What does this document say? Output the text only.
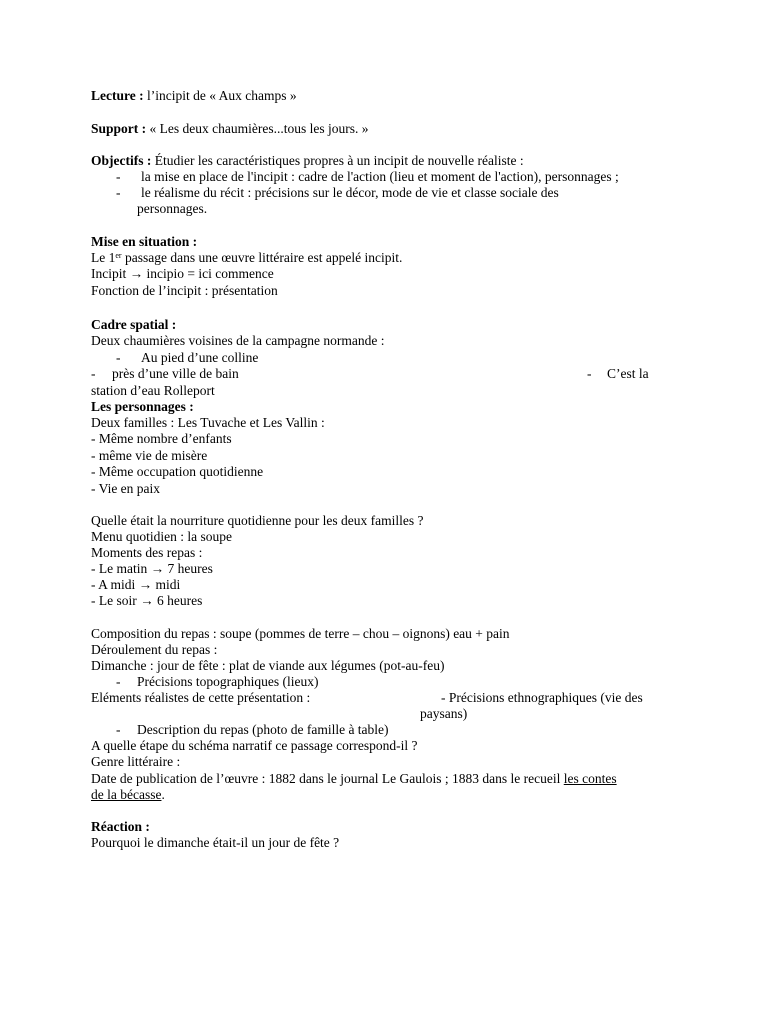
Lecture : l’incipit de « Aux champs »
Support : « Les deux chaumières...tous les jours. »
Objectifs : Étudier les caractéristiques propres à un incipit de nouvelle réaliste :
- la mise en place de l'incipit : cadre de l'action (lieu et moment de l'action), personnages ;
- le réalisme du récit : précisions sur le décor, mode de vie et classe sociale des
personnages.
Mise en situation :
Le 1er passage dans une œuvre littéraire est appelé incipit.
Incipit → incipio = ici commence
Fonction de l’incipit : présentation
Cadre spatial :
Deux chaumières voisines de la campagne normande :
- Au pied d’une colline
- près d’une ville de bain	- C’est la
station d’eau Rolleport
Les personnages :
Deux familles : Les Tuvache et Les Vallin :
- Même nombre d’enfants
- même vie de misère
- Même occupation quotidienne
- Vie en paix
Quelle était la nourriture quotidienne pour les deux familles ?
Menu quotidien : la soupe
Moments des repas :
- Le matin → 7 heures
- A midi → midi
- Le soir → 6 heures
Composition du repas : soupe (pommes de terre – chou – oignons) eau + pain
Déroulement du repas :
Dimanche : jour de fête : plat de viande aux légumes (pot-au-feu)
- Précisions topographiques (lieux)
Eléments réalistes de cette présentation :	- Précisions ethnographiques (vie des
paysans)
- Description du repas (photo de famille à table)
A quelle étape du schéma narratif ce passage correspond-il ?
Genre littéraire :
Date de publication de l’œuvre : 1882 dans le journal Le Gaulois ; 1883 dans le recueil les contes
de la bécasse.
Réaction :
Pourquoi le dimanche était-il un jour de fête ?
